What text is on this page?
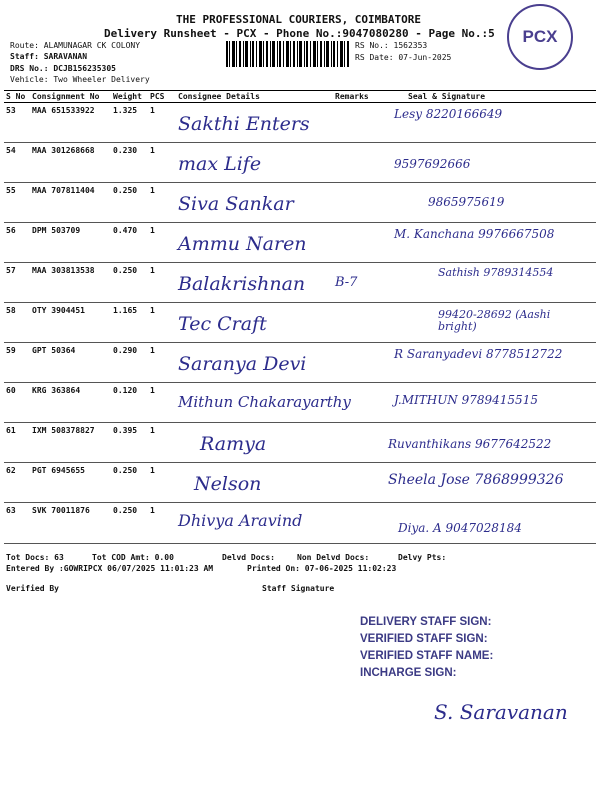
THE PROFESSIONAL COURIERS, COIMBATORE
Delivery Runsheet - PCX - Phone No.:9047080280 - Page No.:5	PCX
Route: ALAMUNAGAR CK COLONY
Staff: SARAVANAN
DRS No.: DCJB156235305
Vehicle: Two Wheeler Delivery
RS No.: 1562353
RS Date: 07-Jun-2025
S No	Consignment No	Weight	PCS	Consignee Details	Remarks	Seal & Signature
53	MAA 651533922	1.325	1	Sakthi Enters		Lesy 8220166649

54	MAA 301268668	0.230	1	max Life		9597692666

55	MAA 707811404	0.250	1	Siva Sankar		9865975619

56	DPM 503709	0.470	1	Ammu Naren		M. Kanchana 9976667508

57	MAA 303813538	0.250	1	Balakrishnan	B-7	Sathish 9789314554

58	OTY 3904451	1.165	1	Tec Craft		99420-28692 (Aashi bright)

59	GPT 50364	0.290	1	Saranya Devi		R Saranyadevi 8778512722

60	KRG 363864	0.120	1	Mithun Chakarayarthy		J.MITHUN 9789415515

61	IXM 508378827	0.395	1	Ramya		Ruvanthikans 9677642522

62	PGT 6945655	0.250	1	Nelson		Sheela Jose 7868999326

63	SVK 70011876	0.250	1	Dhivya Aravind		Diya. A 9047028184
Tot Docs: 63	Tot COD Amt: 0.00	Delvd Docs:	Non Delvd Docs:	Delvy Pts:
Entered By :GOWRIPCX 06/07/2025 11:01:23 AM	Printed On: 07-06-2025 11:02:23
Verified By	Staff Signature
DELIVERY STAFF SIGN:
VERIFIED STAFF SIGN:
VERIFIED STAFF NAME:
INCHARGE SIGN:
S. Saravanan
